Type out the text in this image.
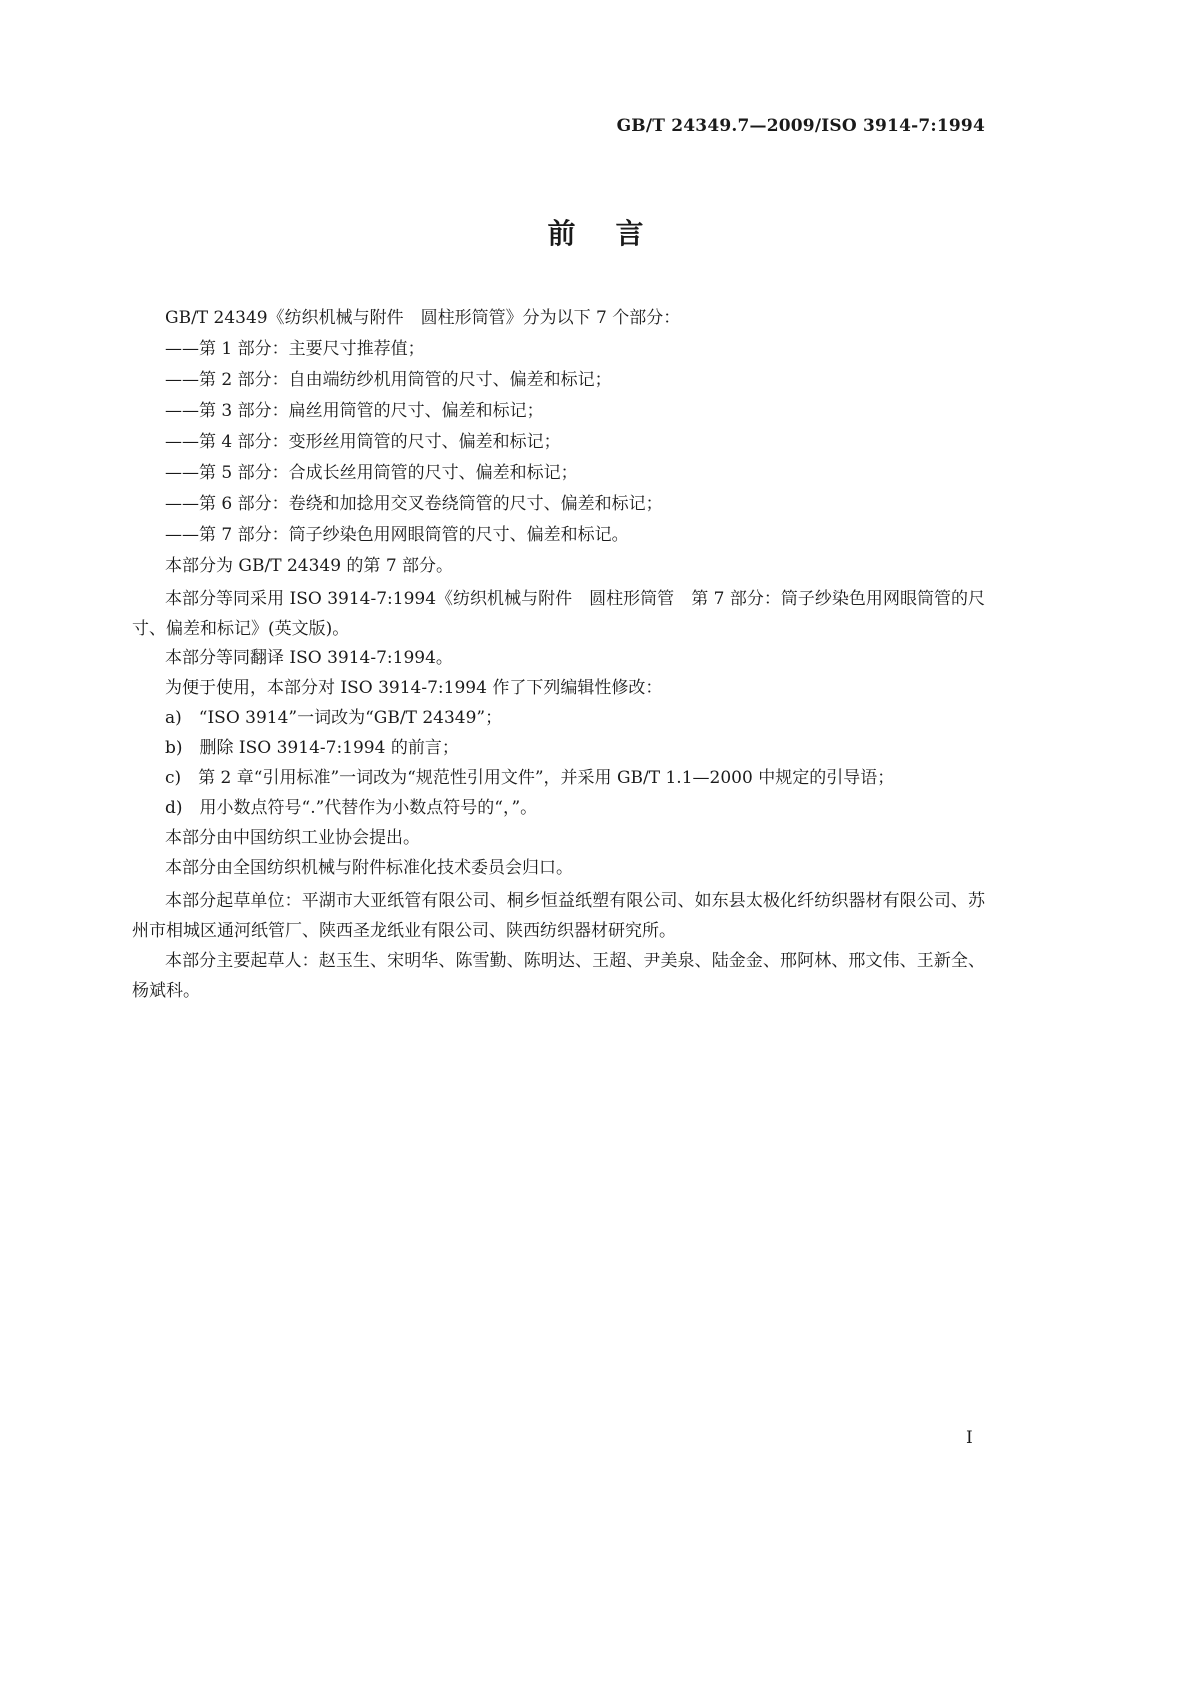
GB/T 24349.7—2009/ISO 3914-7:1994
前言
GB/T 24349《纺织机械与附件　圆柱形筒管》分为以下 7 个部分：
——第 1 部分：主要尺寸推荐值；
——第 2 部分：自由端纺纱机用筒管的尺寸、偏差和标记；
——第 3 部分：扁丝用筒管的尺寸、偏差和标记；
——第 4 部分：变形丝用筒管的尺寸、偏差和标记；
——第 5 部分：合成长丝用筒管的尺寸、偏差和标记；
——第 6 部分：卷绕和加捻用交叉卷绕筒管的尺寸、偏差和标记；
——第 7 部分：筒子纱染色用网眼筒管的尺寸、偏差和标记。
本部分为 GB/T 24349 的第 7 部分。
本部分等同采用 ISO 3914-7:1994《纺织机械与附件　圆柱形筒管　第 7 部分：筒子纱染色用网眼筒管的尺寸、偏差和标记》(英文版)。
本部分等同翻译 ISO 3914-7:1994。
为便于使用，本部分对 ISO 3914-7:1994 作了下列编辑性修改：
a)　“ISO 3914”一词改为“GB/T 24349”；
b)　删除 ISO 3914-7:1994 的前言；
c)　第 2 章“引用标准”一词改为“规范性引用文件”，并采用 GB/T 1.1—2000 中规定的引导语；
d)　用小数点符号“.”代替作为小数点符号的“，”。
本部分由中国纺织工业协会提出。
本部分由全国纺织机械与附件标准化技术委员会归口。
本部分起草单位：平湖市大亚纸管有限公司、桐乡恒益纸塑有限公司、如东县太极化纤纺织器材有限公司、苏州市相城区通河纸管厂、陕西圣龙纸业有限公司、陕西纺织器材研究所。
本部分主要起草人：赵玉生、宋明华、陈雪勤、陈明达、王超、尹美泉、陆金金、邢阿林、邢文伟、王新全、杨斌科。
I
